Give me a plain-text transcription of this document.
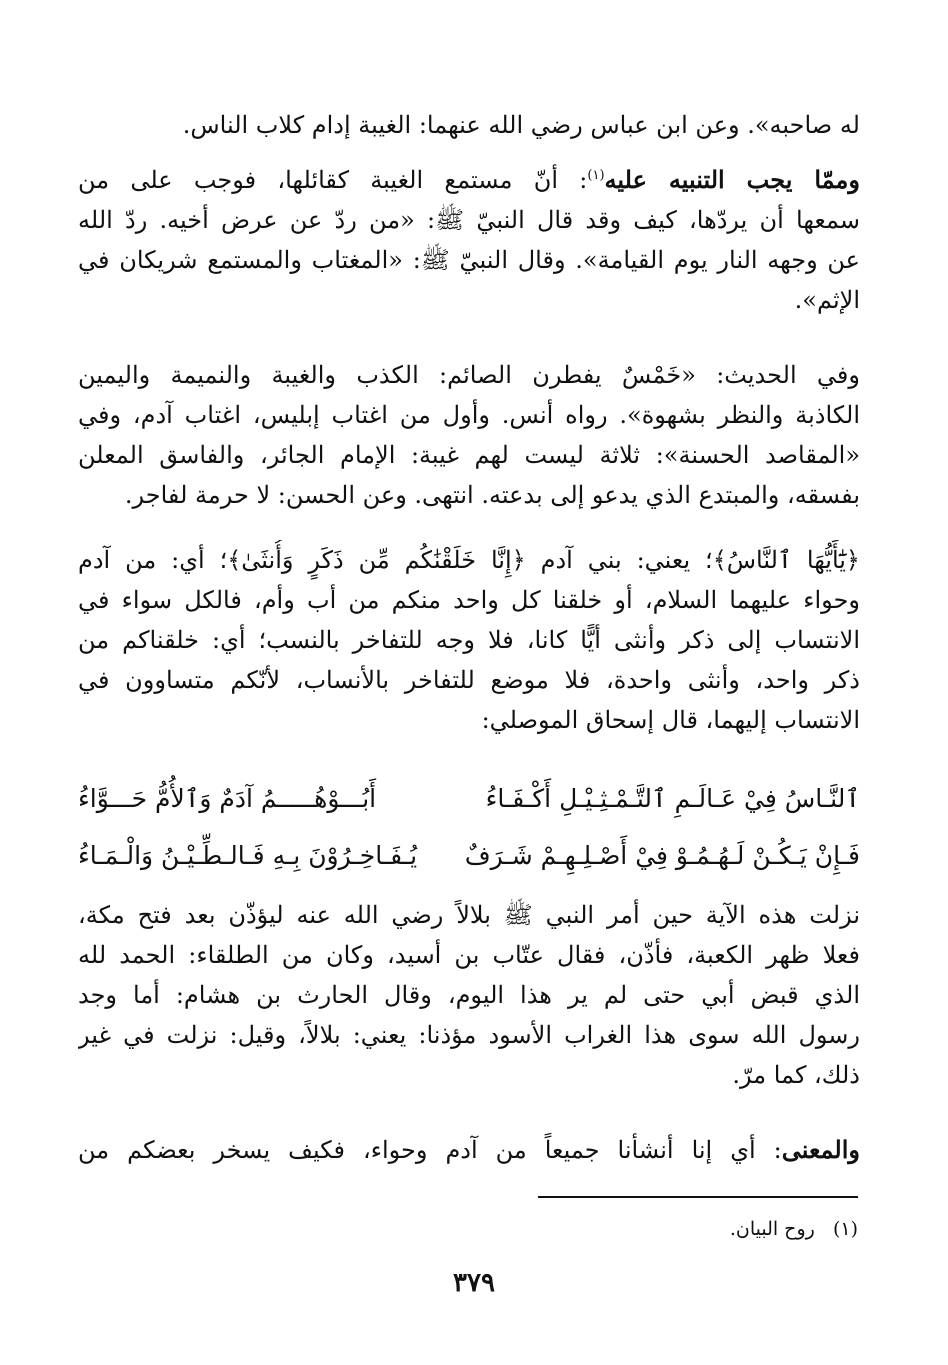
له صاحبه». وعن ابن عباس رضي الله عنهما: الغيبة إدام كلاب الناس.
وممّا يجب التنبيه عليه$^{(١)}$: أنّ مستمع الغيبة كقائلها، فوجب على من
سمعها أن يردّها، كيف وقد قال النبيّ ﷺ: «من ردّ عن عرض أخيه. ردّ الله
عن وجهه النار يوم القيامة». وقال النبيّ ﷺ: «المغتاب والمستمع شريكان في
الإثم».
وفي الحديث: «خَمْسٌ يفطرن الصائم: الكذب والغيبة والنميمة واليمين
الكاذبة والنظر بشهوة». رواه أنس. وأول من اغتاب إبليس، اغتاب آدم، وفي
«المقاصد الحسنة»: ثلاثة ليست لهم غيبة: الإمام الجائر، والفاسق المعلن
بفسقه، والمبتدع الذي يدعو إلى بدعته. انتهى. وعن الحسن: لا حرمة لفاجر.
﴿يَٰٓأَيُّهَا ٱلنَّاسُ﴾؛ يعني: بني آدم ﴿إِنَّا خَلَقْنَٰكُم مِّن ذَكَرٍ وَأُنثَىٰ﴾؛ أي: من آدم
وحواء عليهما السلام، أو خلقنا كل واحد منكم من أب وأم، فالكل سواء في
الانتساب إلى ذكر وأنثى أيًّا كانا، فلا وجه للتفاخر بالنسب؛ أي: خلقناكم من
ذكر واحد، وأنثى واحدة، فلا موضع للتفاخر بالأنساب، لأنّكم متساوون في
الانتساب إليهما، قال إسحاق الموصلي:
ٱلنَّـاسُ فِيْ عَـالَـمِ ٱلتَّـمْـثِـيْـلِ أَكْـفَـاءُ
أَبُـــوْهُـــــمُ آدَمٌ وَٱلأُمُّ حَـــوَّاءُ
فَـإِنْ يَـكُـنْ لَـهُـمُـوْ فِيْ أَصْـلِـهِـمْ شَـرَفٌ
يُـفَـاخِـرُوْنَ بِـهِ فَـالـطِّـيْـنُ وَالْـمَـاءُ
نزلت هذه الآية حين أمر النبي ﷺ بلالاً رضي الله عنه ليؤذّن بعد فتح مكة،
فعلا ظهر الكعبة، فأذّن، فقال عتّاب بن أسيد، وكان من الطلقاء: الحمد لله
الذي قبض أبي حتى لم ير هذا اليوم، وقال الحارث بن هشام: أما وجد
رسول الله سوى هذا الغراب الأسود مؤذنا: يعني: بلالاً، وقيل: نزلت في غير
ذلك، كما مرّ.
والمعنى: أي إنا أنشأنا جميعاً من آدم وحواء، فكيف يسخر بعضكم من
(١)   روح البيان.
٣٧٩
